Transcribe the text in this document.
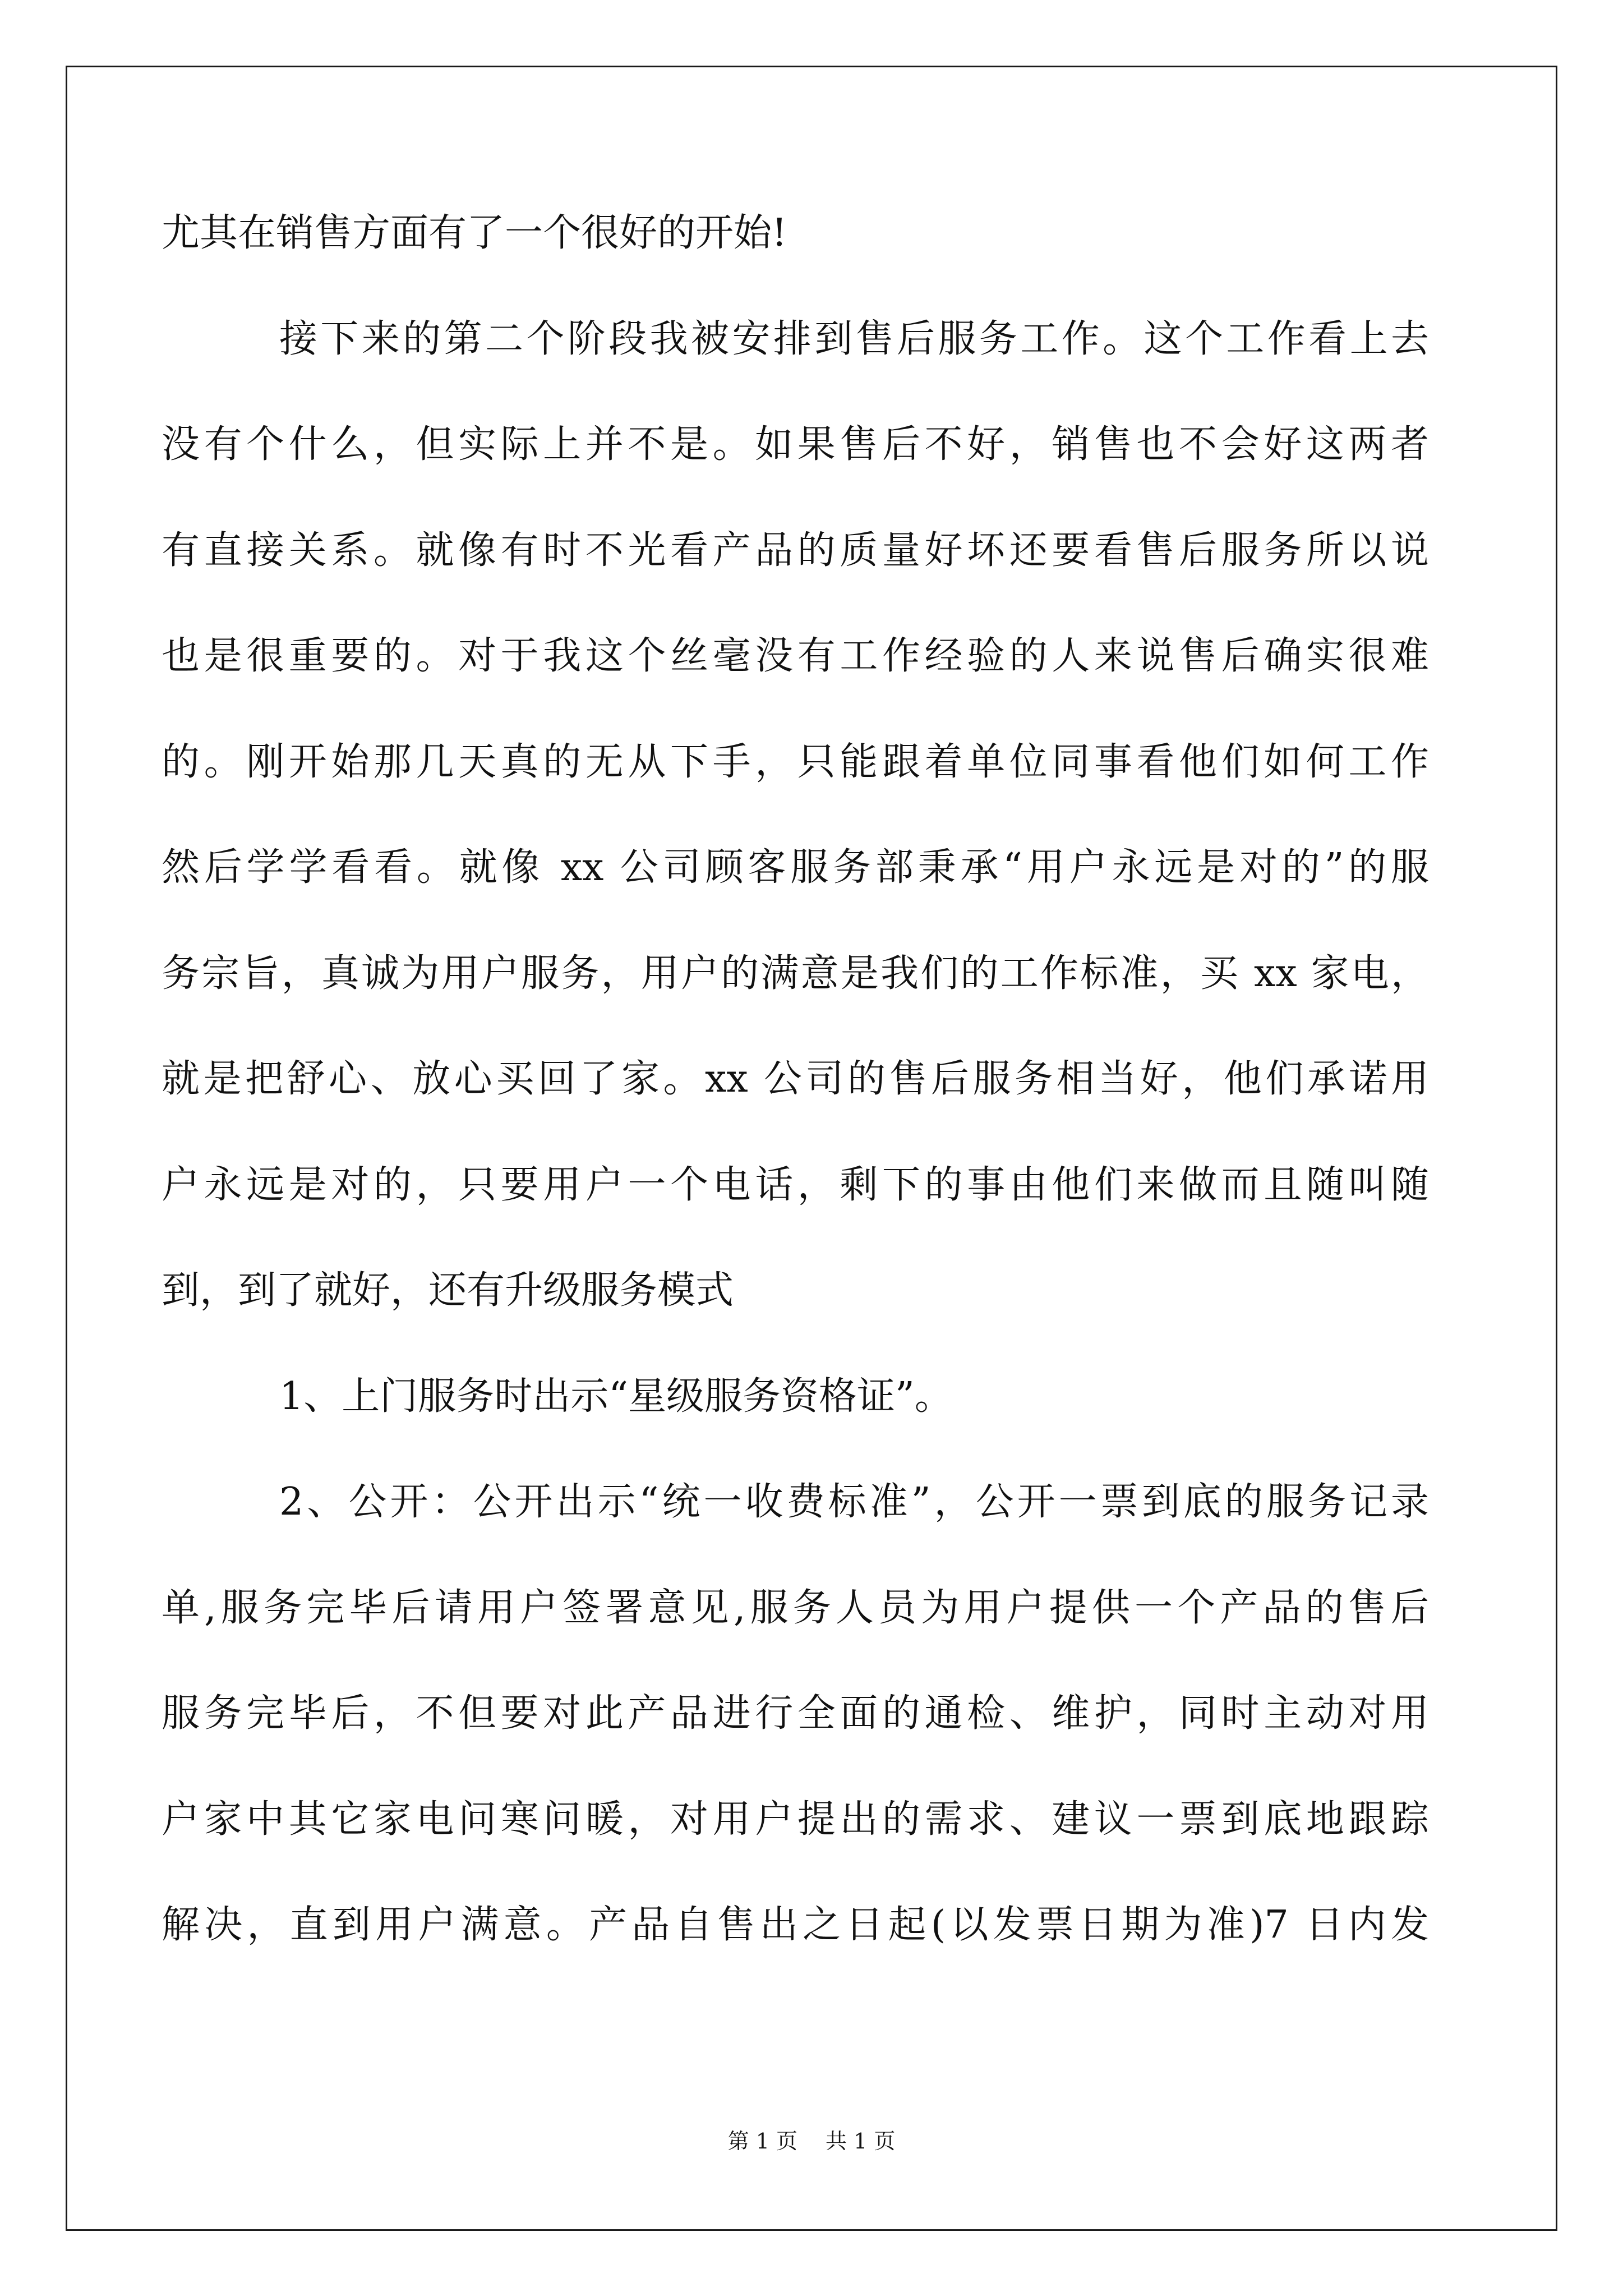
尤其在销售方面有了一个很好的开始!
接下来的第二个阶段我被安排到售后服务工作。这个工作看上去
没有个什么，但实际上并不是。如果售后不好，销售也不会好这两者
有直接关系。就像有时不光看产品的质量好坏还要看售后服务所以说
也是很重要的。对于我这个丝毫没有工作经验的人来说售后确实很难
的。刚开始那几天真的无从下手，只能跟着单位同事看他们如何工作
然后学学看看。就像 xx 公司顾客服务部秉承“用户永远是对的”的服
务宗旨，真诚为用户服务，用户的满意是我们的工作标准，买 xx 家电，
就是把舒心、放心买回了家。xx 公司的售后服务相当好，他们承诺用
户永远是对的，只要用户一个电话，剩下的事由他们来做而且随叫随
到，到了就好，还有升级服务模式
1、上门服务时出示“星级服务资格证”。
2、公开：公开出示“统一收费标准”，公开一票到底的服务记录
单,服务完毕后请用户签署意见,服务人员为用户提供一个产品的售后
服务完毕后，不但要对此产品进行全面的通检、维护，同时主动对用
户家中其它家电问寒问暖，对用户提出的需求、建议一票到底地跟踪
解决，直到用户满意。产品自售出之日起(以发票日期为准)7 日内发
第 1 页 共 1 页
